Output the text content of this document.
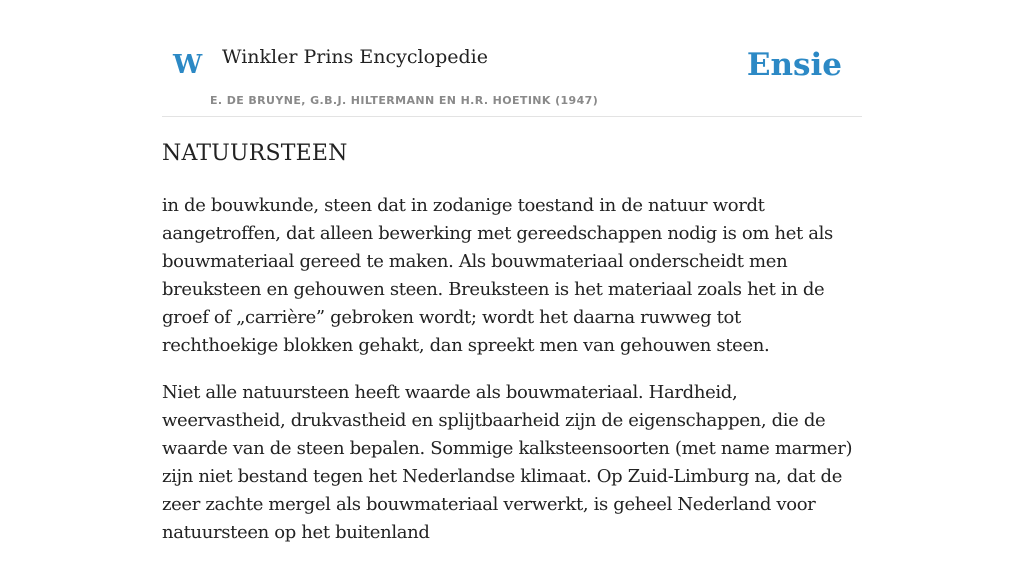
W Winkler Prins Encyclopedie
E. DE BRUYNE, G.B.J. HILTERMANN EN H.R. HOETINK (1947)
Ensie
NATUURSTEEN

in de bouwkunde, steen dat in zodanige toestand in de natuur wordt aangetroffen, dat alleen bewerking met gereedschappen nodig is om het als bouwmateriaal gereed te maken. Als bouwmateriaal onderscheidt men breuksteen en gehouwen steen. Breuksteen is het materiaal zoals het in de groef of „carrière” gebroken wordt; wordt het daarna ruwweg tot rechthoekige blokken gehakt, dan spreekt men van gehouwen steen.

Niet alle natuursteen heeft waarde als bouwmateriaal. Hardheid, weervastheid, drukvastheid en splijtbaarheid zijn de eigenschappen, die de waarde van de steen bepalen. Sommige kalksteensoorten (met name marmer) zijn niet bestand tegen het Nederlandse klimaat. Op Zuid-Limburg na, dat de zeer zachte mergel als bouwmateriaal verwerkt, is geheel Nederland voor natuursteen op het buitenland
